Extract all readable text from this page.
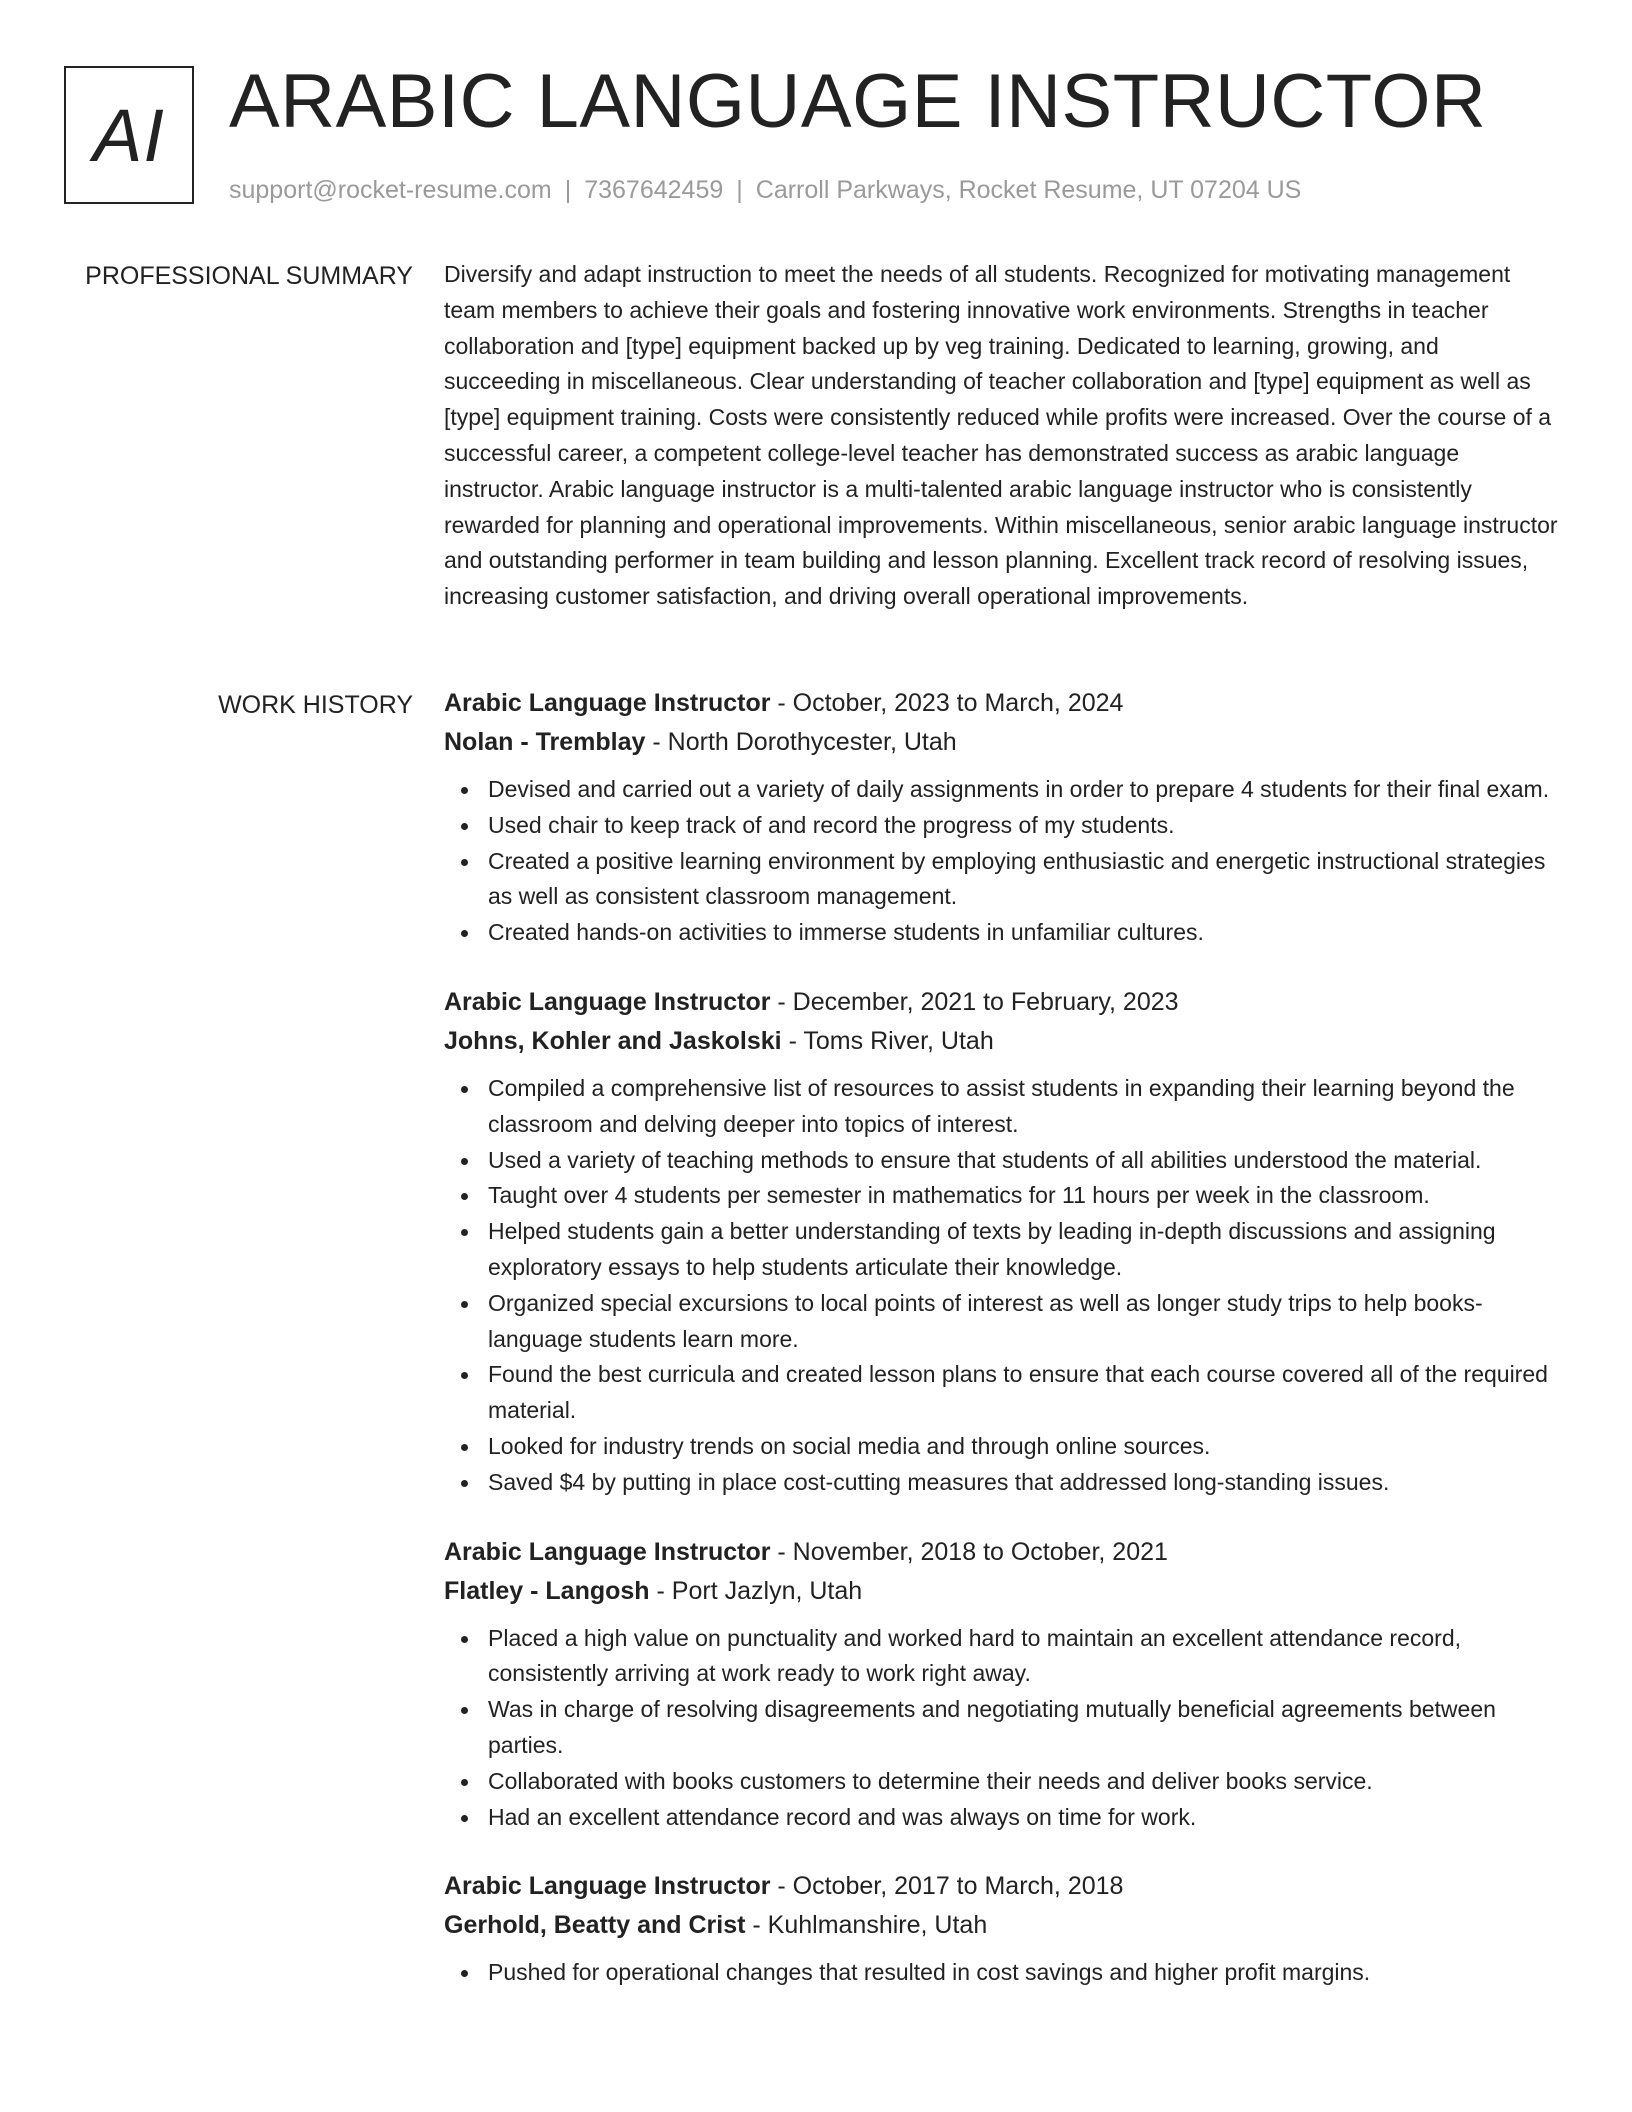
AI ARABIC LANGUAGE INSTRUCTOR
support@rocket-resume.com | 7367642459 | Carroll Parkways, Rocket Resume, UT 07204 US
PROFESSIONAL SUMMARY Diversify and adapt instruction to meet the needs of all students. Recognized for motivating management team members to achieve their goals and fostering innovative work environments. Strengths in teacher collaboration and [type] equipment backed up by veg training. Dedicated to learning, growing, and succeeding in miscellaneous. Clear understanding of teacher collaboration and [type] equipment as well as [type] equipment training. Costs were consistently reduced while profits were increased. Over the course of a successful career, a competent college-level teacher has demonstrated success as arabic language instructor. Arabic language instructor is a multi-talented arabic language instructor who is consistently rewarded for planning and operational improvements. Within miscellaneous, senior arabic language instructor and outstanding performer in team building and lesson planning. Excellent track record of resolving issues, increasing customer satisfaction, and driving overall operational improvements.

WORK HISTORY Arabic Language Instructor - October, 2023 to March, 2024
Nolan - Tremblay - North Dorothycester, Utah
Devised and carried out a variety of daily assignments in order to prepare 4 students for their final exam.
Used chair to keep track of and record the progress of my students.
Created a positive learning environment by employing enthusiastic and energetic instructional strategies as well as consistent classroom management.
Created hands-on activities to immerse students in unfamiliar cultures.
Arabic Language Instructor - December, 2021 to February, 2023
Johns, Kohler and Jaskolski - Toms River, Utah
Compiled a comprehensive list of resources to assist students in expanding their learning beyond the classroom and delving deeper into topics of interest.
Used a variety of teaching methods to ensure that students of all abilities understood the material.
Taught over 4 students per semester in mathematics for 11 hours per week in the classroom.
Helped students gain a better understanding of texts by leading in-depth discussions and assigning exploratory essays to help students articulate their knowledge.
Organized special excursions to local points of interest as well as longer study trips to help books-language students learn more.
Found the best curricula and created lesson plans to ensure that each course covered all of the required material.
Looked for industry trends on social media and through online sources.
Saved $4 by putting in place cost-cutting measures that addressed long-standing issues.
Arabic Language Instructor - November, 2018 to October, 2021
Flatley - Langosh - Port Jazlyn, Utah
Placed a high value on punctuality and worked hard to maintain an excellent attendance record, consistently arriving at work ready to work right away.
Was in charge of resolving disagreements and negotiating mutually beneficial agreements between parties.
Collaborated with books customers to determine their needs and deliver books service.
Had an excellent attendance record and was always on time for work.
Arabic Language Instructor - October, 2017 to March, 2018
Gerhold, Beatty and Crist - Kuhlmanshire, Utah
Pushed for operational changes that resulted in cost savings and higher profit margins.
